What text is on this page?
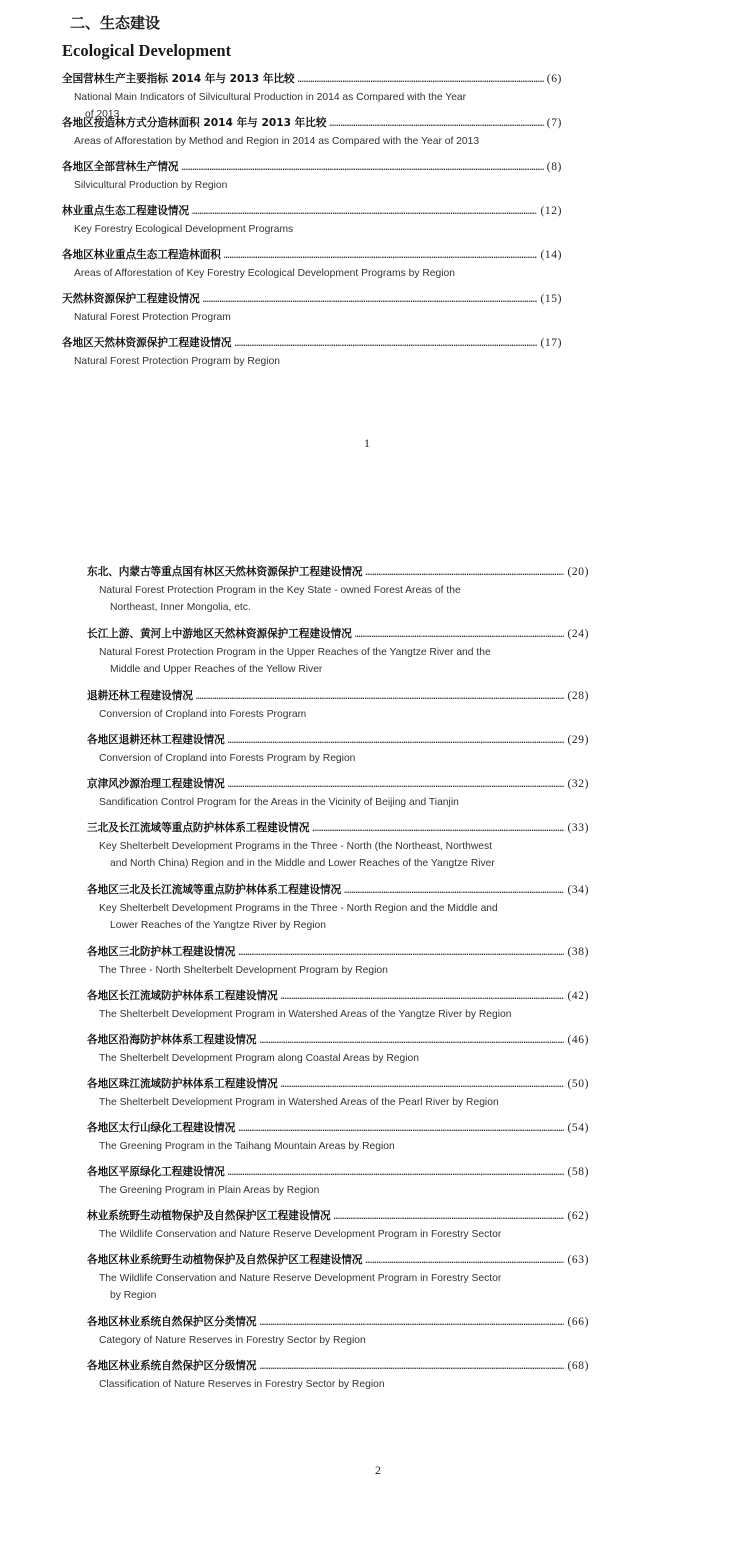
二、生态建设
Ecological Development
全国营林生产主要指标 2014 年与 2013 年比较 ………………………………………………………………………………………………………………………………………………………………………………………………………………………………………………	(6)
National Main Indicators of Silvicultural Production in 2014 as Compared with the Year
of 2013
各地区按造林方式分造林面积 2014 年与 2013 年比较 ………………………………………………………………………………………………………………………………………………………………………………………………………………………………………………	(7)
Areas of Afforestation by Method and Region in 2014 as Compared with the Year of 2013
各地区全部营林生产情况 ………………………………………………………………………………………………………………………………………………………………………………………………………………………………………………	(8)
Silvicultural Production by Region
林业重点生态工程建设情况 ………………………………………………………………………………………………………………………………………………………………………………………………………………………………………………	(12)
Key Forestry Ecological Development Programs
各地区林业重点生态工程造林面积 ………………………………………………………………………………………………………………………………………………………………………………………………………………………………………………	(14)
Areas of Afforestation of Key Forestry Ecological Development Programs by Region
天然林资源保护工程建设情况 ………………………………………………………………………………………………………………………………………………………………………………………………………………………………………………	(15)
Natural Forest Protection Program
各地区天然林资源保护工程建设情况 ………………………………………………………………………………………………………………………………………………………………………………………………………………………………………………	(17)
Natural Forest Protection Program by Region
1
东北、内蒙古等重点国有林区天然林资源保护工程建设情况 ………………………………………………………………………………………………………………………………………………………………………………………………………………………………………………	(20)
Natural Forest Protection Program in the Key State - owned Forest Areas of the
Northeast, Inner Mongolia, etc.
长江上游、黄河上中游地区天然林资源保护工程建设情况 ………………………………………………………………………………………………………………………………………………………………………………………………………………………………………………	(24)
Natural Forest Protection Program in the Upper Reaches of the Yangtze River and the
Middle and Upper Reaches of the Yellow River
退耕还林工程建设情况 ………………………………………………………………………………………………………………………………………………………………………………………………………………………………………………	(28)
Conversion of Cropland into Forests Program
各地区退耕还林工程建设情况 ………………………………………………………………………………………………………………………………………………………………………………………………………………………………………………	(29)
Conversion of Cropland into Forests Program by Region
京津风沙源治理工程建设情况 ………………………………………………………………………………………………………………………………………………………………………………………………………………………………………………	(32)
Sandification Control Program for the Areas in the Vicinity of Beijing and Tianjin
三北及长江流域等重点防护林体系工程建设情况 ………………………………………………………………………………………………………………………………………………………………………………………………………………………………………………	(33)
Key Shelterbelt Development Programs in the Three - North (the Northeast, Northwest
and North China) Region and in the Middle and Lower Reaches of the Yangtze River
各地区三北及长江流域等重点防护林体系工程建设情况 ………………………………………………………………………………………………………………………………………………………………………………………………………………………………………………	(34)
Key Shelterbelt Development Programs in the Three - North Region and the Middle and
Lower Reaches of the Yangtze River by Region
各地区三北防护林工程建设情况 ………………………………………………………………………………………………………………………………………………………………………………………………………………………………………………	(38)
The Three - North Shelterbelt Development Program by Region
各地区长江流域防护林体系工程建设情况 ………………………………………………………………………………………………………………………………………………………………………………………………………………………………………………	(42)
The Shelterbelt Development Program in Watershed Areas of the Yangtze River by Region
各地区沿海防护林体系工程建设情况 ………………………………………………………………………………………………………………………………………………………………………………………………………………………………………………	(46)
The Shelterbelt Development Program along Coastal Areas by Region
各地区珠江流域防护林体系工程建设情况 ………………………………………………………………………………………………………………………………………………………………………………………………………………………………………………	(50)
The Shelterbelt Development Program in Watershed Areas of the Pearl River by Region
各地区太行山绿化工程建设情况 ………………………………………………………………………………………………………………………………………………………………………………………………………………………………………………	(54)
The Greening Program in the Taihang Mountain Areas by Region
各地区平原绿化工程建设情况 ………………………………………………………………………………………………………………………………………………………………………………………………………………………………………………	(58)
The Greening Program in Plain Areas by Region
林业系统野生动植物保护及自然保护区工程建设情况 ………………………………………………………………………………………………………………………………………………………………………………………………………………………………………………	(62)
The Wildlife Conservation and Nature Reserve Development Program in Forestry Sector
各地区林业系统野生动植物保护及自然保护区工程建设情况 ………………………………………………………………………………………………………………………………………………………………………………………………………………………………………………	(63)
The Wildlife Conservation and Nature Reserve Development Program in Forestry Sector
by Region
各地区林业系统自然保护区分类情况 ………………………………………………………………………………………………………………………………………………………………………………………………………………………………………………	(66)
Category of Nature Reserves in Forestry Sector by Region
各地区林业系统自然保护区分级情况 ………………………………………………………………………………………………………………………………………………………………………………………………………………………………………………	(68)
Classification of Nature Reserves in Forestry Sector by Region
2
